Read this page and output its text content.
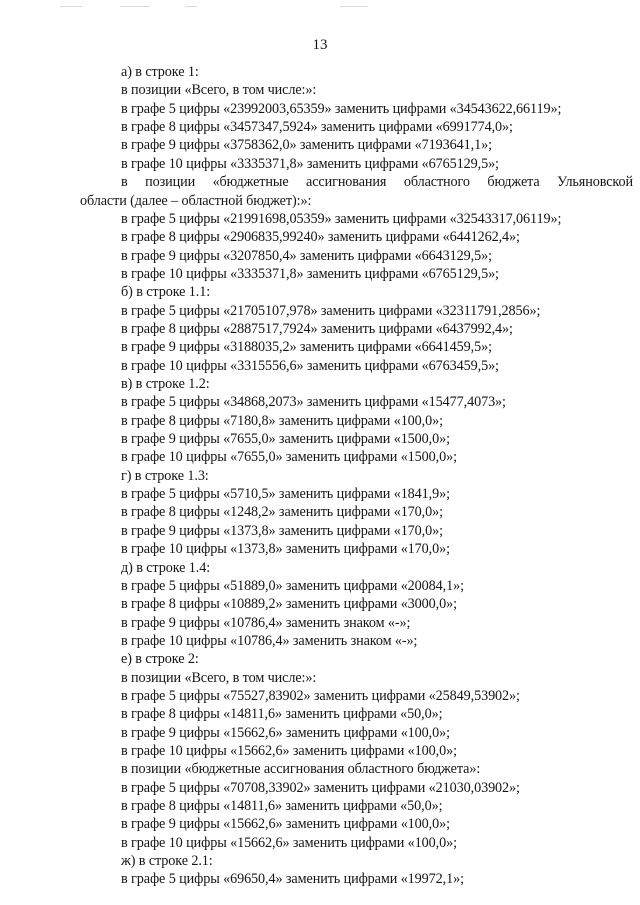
13
а) в строке 1:
в позиции «Всего, в том числе:»:
в графе 5 цифры «23992003,65359» заменить цифрами «34543622,66119»;
в графе 8 цифры «3457347,5924» заменить цифрами «6991774,0»;
в графе 9 цифры «3758362,0» заменить цифрами «7193641,1»;
в графе 10 цифры «3335371,8» заменить цифрами «6765129,5»;
в позиции «бюджетные ассигнования областного бюджета Ульяновской
области (далее – областной бюджет):»:
в графе 5 цифры «21991698,05359» заменить цифрами «32543317,06119»;
в графе 8 цифры «2906835,99240» заменить цифрами «6441262,4»;
в графе 9 цифры «3207850,4» заменить цифрами «6643129,5»;
в графе 10 цифры «3335371,8» заменить цифрами «6765129,5»;
б) в строке 1.1:
в графе 5 цифры «21705107,978» заменить цифрами «32311791,2856»;
в графе 8 цифры «2887517,7924» заменить цифрами «6437992,4»;
в графе 9 цифры «3188035,2» заменить цифрами «6641459,5»;
в графе 10 цифры «3315556,6» заменить цифрами «6763459,5»;
в) в строке 1.2:
в графе 5 цифры «34868,2073» заменить цифрами «15477,4073»;
в графе 8 цифры «7180,8» заменить цифрами «100,0»;
в графе 9 цифры «7655,0» заменить цифрами «1500,0»;
в графе 10 цифры «7655,0» заменить цифрами «1500,0»;
г) в строке 1.3:
в графе 5 цифры «5710,5» заменить цифрами «1841,9»;
в графе 8 цифры «1248,2» заменить цифрами «170,0»;
в графе 9 цифры «1373,8» заменить цифрами «170,0»;
в графе 10 цифры «1373,8» заменить цифрами «170,0»;
д) в строке 1.4:
в графе 5 цифры «51889,0» заменить цифрами «20084,1»;
в графе 8 цифры «10889,2» заменить цифрами «3000,0»;
в графе 9 цифры «10786,4» заменить знаком «-»;
в графе 10 цифры «10786,4» заменить знаком «-»;
е) в строке 2:
в позиции «Всего, в том числе:»:
в графе 5 цифры «75527,83902» заменить цифрами «25849,53902»;
в графе 8 цифры «14811,6» заменить цифрами «50,0»;
в графе 9 цифры «15662,6» заменить цифрами «100,0»;
в графе 10 цифры «15662,6» заменить цифрами «100,0»;
в позиции «бюджетные ассигнования областного бюджета»:
в графе 5 цифры «70708,33902» заменить цифрами «21030,03902»;
в графе 8 цифры «14811,6» заменить цифрами «50,0»;
в графе 9 цифры «15662,6» заменить цифрами «100,0»;
в графе 10 цифры «15662,6» заменить цифрами «100,0»;
ж) в строке 2.1:
в графе 5 цифры «69650,4» заменить цифрами «19972,1»;
